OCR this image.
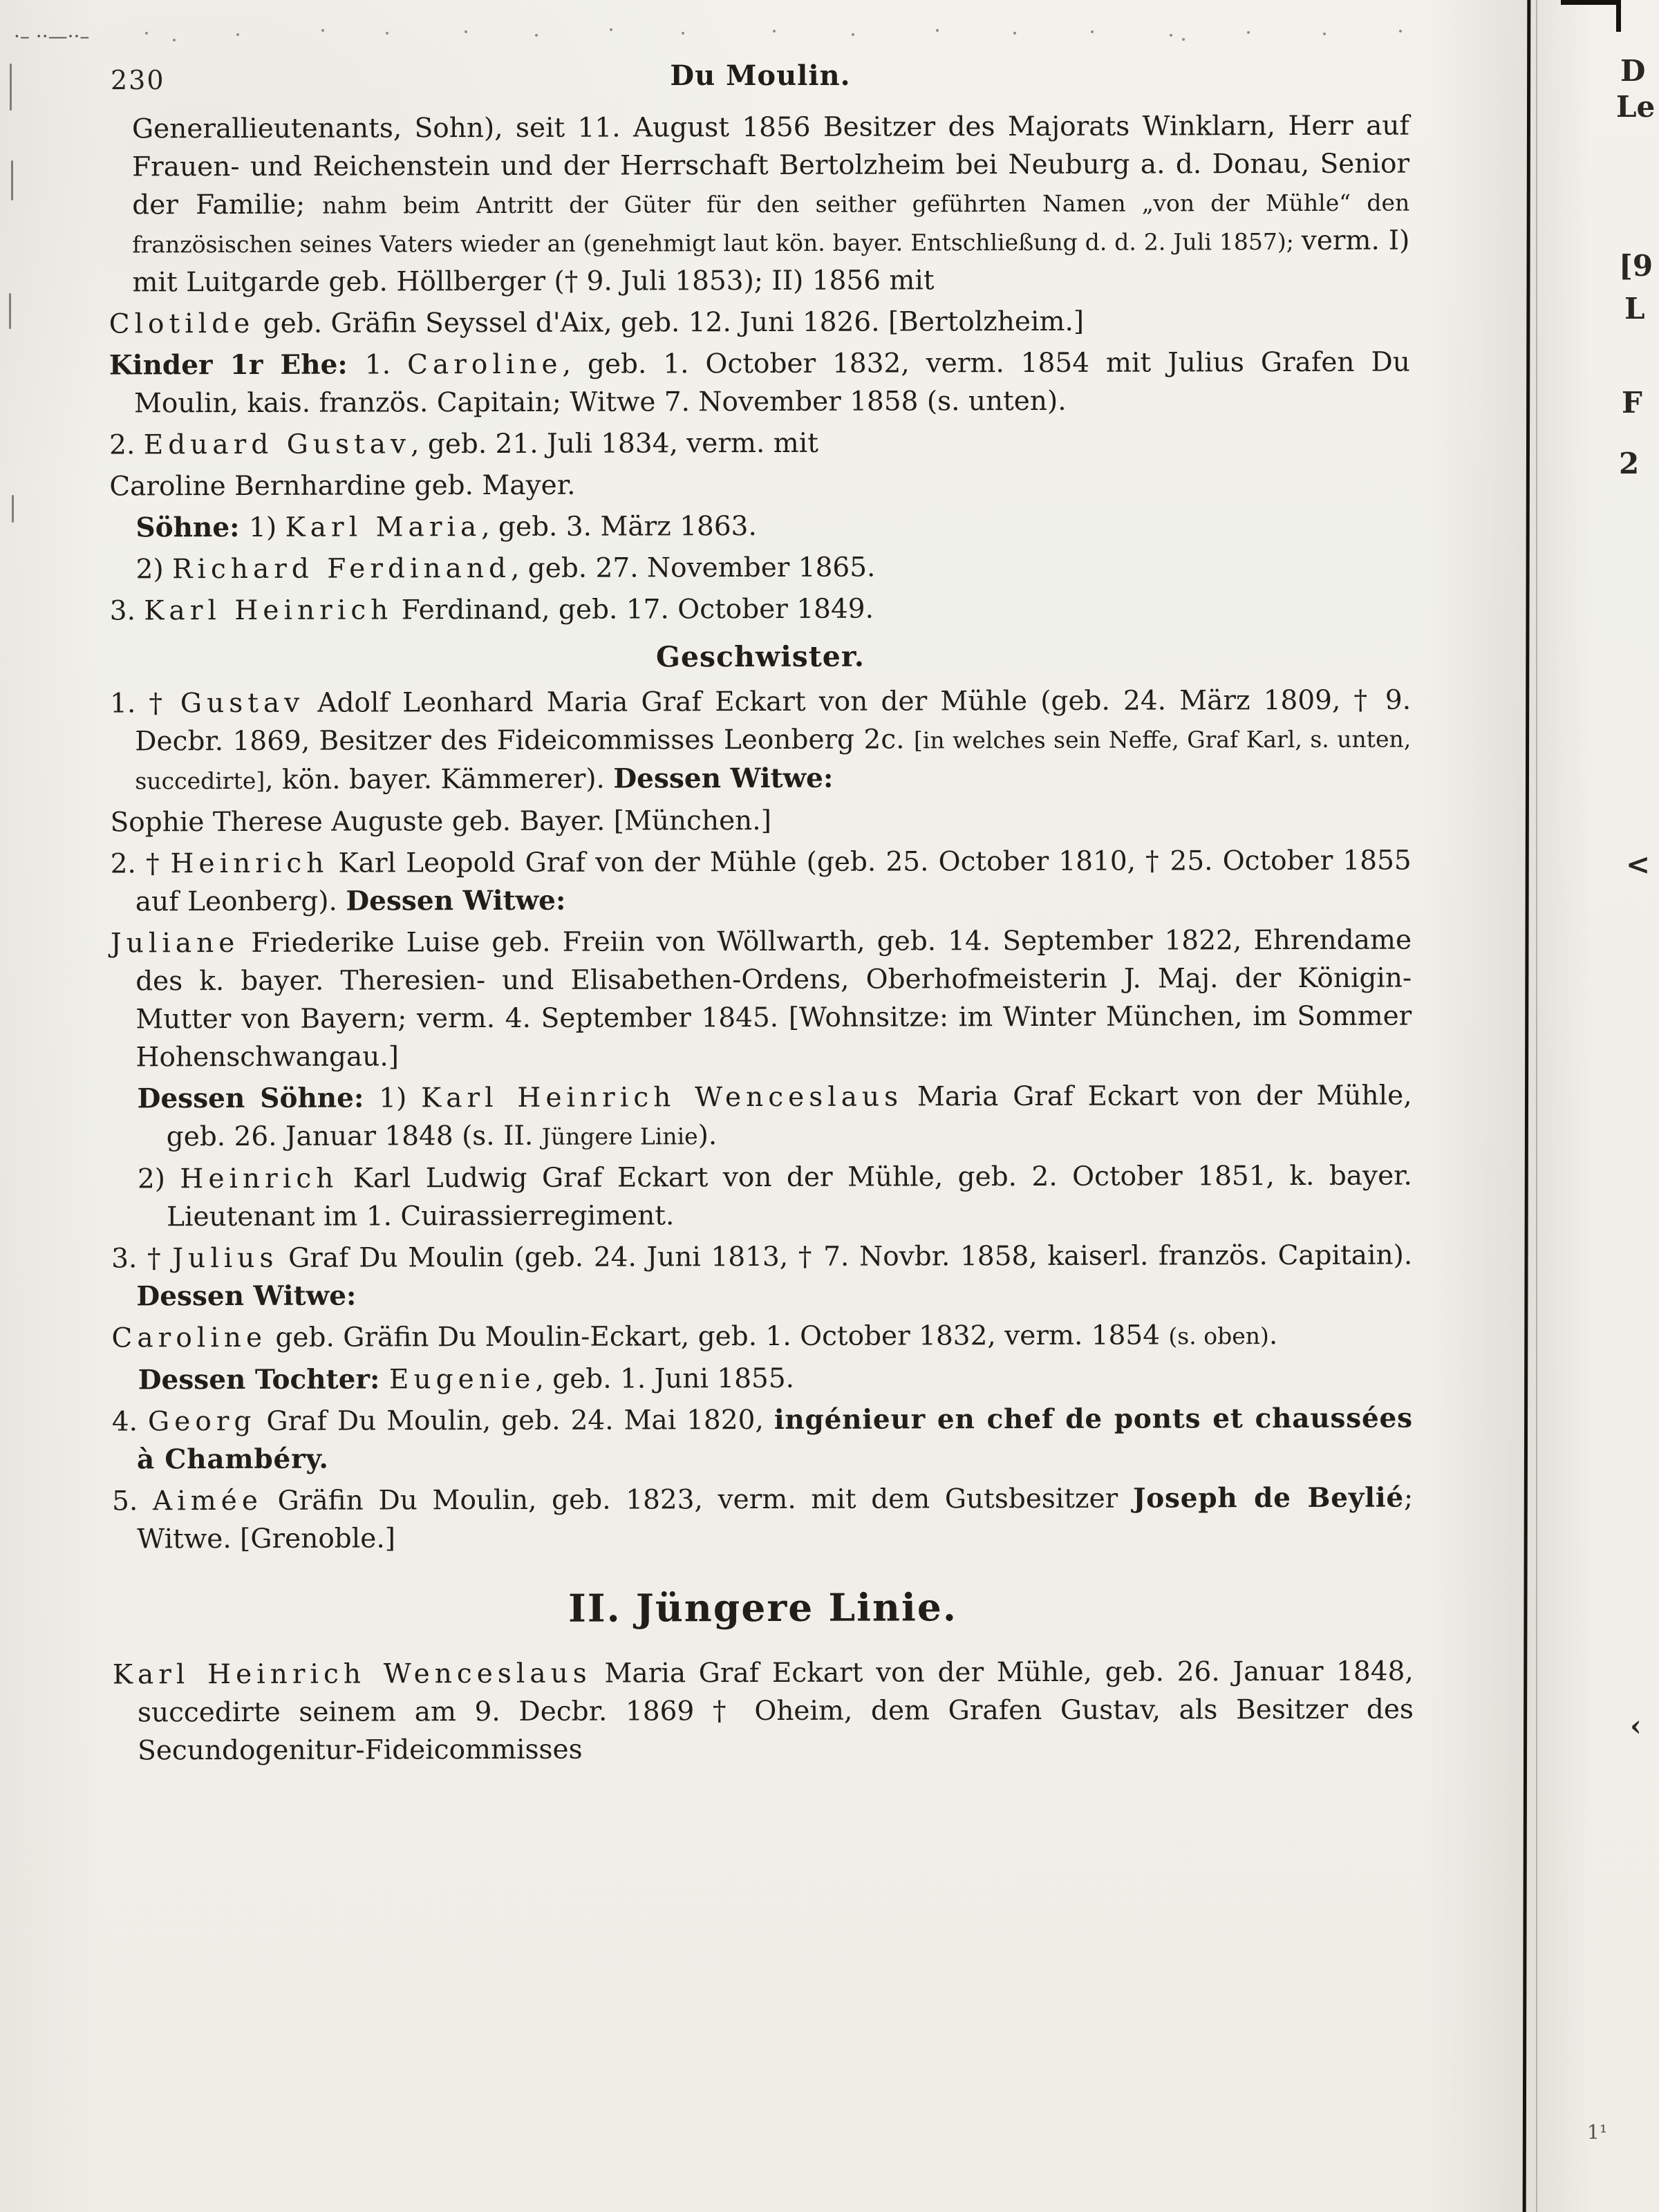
230	Du Moulin.

Generallieutenants, Sohn), seit 11. August 1856 Besitzer des Majorats Winklarn, Herr auf Frauen- und Reichenstein und der Herrschaft Bertolzheim bei Neuburg a. d. Donau, Senior der Familie; nahm beim Antritt der Güter für den seither geführten Namen „von der Mühle“ den französischen seines Vaters wieder an (genehmigt laut kön. bayer. Entschließung d. d. 2. Juli 1857); verm. I) mit Luitgarde geb. Höllberger († 9. Juli 1853); II) 1856 mit

Clotilde geb. Gräfin Seyssel d'Aix, geb. 12. Juni 1826. [Bertolzheim.]

Kinder 1r Ehe: 1. Caroline, geb. 1. October 1832, verm. 1854 mit Julius Grafen Du Moulin, kais. französ. Capitain; Witwe 7. November 1858 (s. unten).

2. Eduard Gustav, geb. 21. Juli 1834, verm. mit

Caroline Bernhardine geb. Mayer.

Söhne: 1) Karl Maria, geb. 3. März 1863.

2) Richard Ferdinand, geb. 27. November 1865.

3. Karl Heinrich Ferdinand, geb. 17. October 1849.

Geschwister.

1. † Gustav Adolf Leonhard Maria Graf Eckart von der Mühle (geb. 24. März 1809, † 9. Decbr. 1869, Besitzer des Fideicommisses Leonberg 2c. [in welches sein Neffe, Graf Karl, s. unten, succedirte], kön. bayer. Kämmerer). Dessen Witwe:

Sophie Therese Auguste geb. Bayer. [München.]

2. † Heinrich Karl Leopold Graf von der Mühle (geb. 25. October 1810, † 25. October 1855 auf Leonberg). Dessen Witwe:

Juliane Friederike Luise geb. Freiin von Wöllwarth, geb. 14. September 1822, Ehrendame des k. bayer. Theresien- und Elisabethen-Ordens, Oberhofmeisterin J. Maj. der Königin-Mutter von Bayern; verm. 4. September 1845. [Wohnsitze: im Winter München, im Sommer Hohenschwangau.]

Dessen Söhne: 1) Karl Heinrich Wenceslaus Maria Graf Eckart von der Mühle, geb. 26. Januar 1848 (s. II. Jüngere Linie).

2) Heinrich Karl Ludwig Graf Eckart von der Mühle, geb. 2. October 1851, k. bayer. Lieutenant im 1. Cuirassierregiment.

3. † Julius Graf Du Moulin (geb. 24. Juni 1813, † 7. Novbr. 1858, kaiserl. französ. Capitain). Dessen Witwe:

Caroline geb. Gräfin Du Moulin-Eckart, geb. 1. October 1832, verm. 1854 (s. oben).

Dessen Tochter: Eugenie, geb. 1. Juni 1855.

4. Georg Graf Du Moulin, geb. 24. Mai 1820, ingénieur en chef de ponts et chaussées à Chambéry.

5. Aimée Gräfin Du Moulin, geb. 1823, verm. mit dem Gutsbesitzer Joseph de Beylié; Witwe. [Grenoble.]

II. Jüngere Linie.

Karl Heinrich Wenceslaus Maria Graf Eckart von der Mühle, geb. 26. Januar 1848, succedirte seinem am 9. Decbr. 1869 † Oheim, dem Grafen Gustav, als Besitzer des Secundogenitur-Fideicommisses

D
Le
[9
L
F
2
<
‹
1¹
·– ··—··–
